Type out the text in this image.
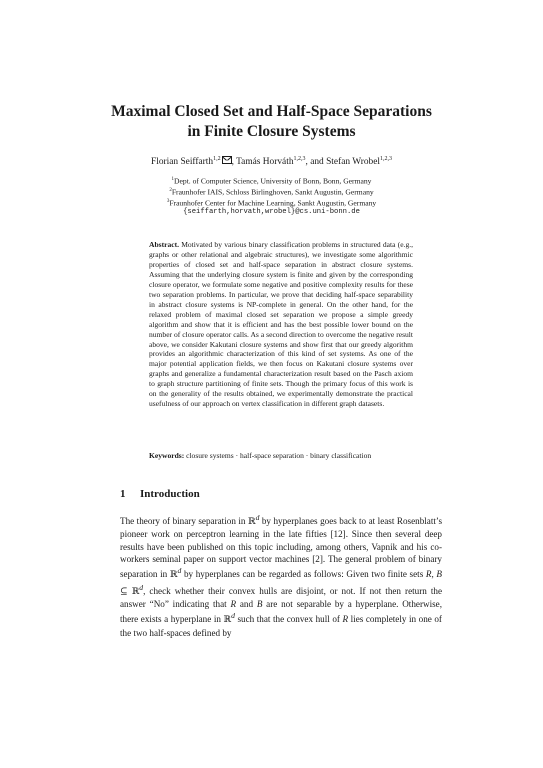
Maximal Closed Set and Half-Space Separations
in Finite Closure Systems
Florian Seiffarth$^{1,2}$ , Tamás Horváth$^{1,2,3}$, and Stefan Wrobel$^{1,2,3}$
$^1$Dept. of Computer Science, University of Bonn, Bonn, Germany
$^2$Fraunhofer IAIS, Schloss Birlinghoven, Sankt Augustin, Germany
$^3$Fraunhofer Center for Machine Learning, Sankt Augustin, Germany
{seiffarth,horvath,wrobel}@cs.uni-bonn.de
Abstract. Motivated by various binary classification problems in structured data (e.g., graphs or other relational and algebraic structures), we investigate some algorithmic properties of closed set and half-space separation in abstract closure systems. Assuming that the underlying closure system is finite and given by the corresponding closure operator, we formulate some negative and positive complexity results for these two separation problems. In particular, we prove that deciding half-space separability in abstract closure systems is NP-complete in general. On the other hand, for the relaxed problem of maximal closed set separation we propose a simple greedy algorithm and show that it is efficient and has the best possible lower bound on the number of closure operator calls. As a second direction to overcome the negative result above, we consider Kakutani closure systems and show first that our greedy algorithm provides an algorithmic characterization of this kind of set systems. As one of the major potential application fields, we then focus on Kakutani closure systems over graphs and generalize a fundamental characterization result based on the Pasch axiom to graph structure partitioning of finite sets. Though the primary focus of this work is on the generality of the results obtained, we experimentally demonstrate the practical usefulness of our approach on vertex classification in different graph datasets.
Keywords: closure systems · half-space separation · binary classification
1 Introduction

The theory of binary separation in ℝ$^d$ by hyperplanes goes back to at least Rosenblatt’s pioneer work on perceptron learning in the late fifties [12]. Since then several deep results have been published on this topic including, among others, Vapnik and his co-workers seminal paper on support vector machines [2]. The general problem of binary separation in ℝ$^d$ by hyperplanes can be regarded as follows: Given two finite sets R, B ⊆ ℝ$^d$, check whether their convex hulls are disjoint, or not. If not then return the answer “No” indicating that R and B are not separable by a hyperplane. Otherwise, there exists a hyperplane in ℝ$^d$ such that the convex hull of R lies completely in one of the two half-spaces defined by
